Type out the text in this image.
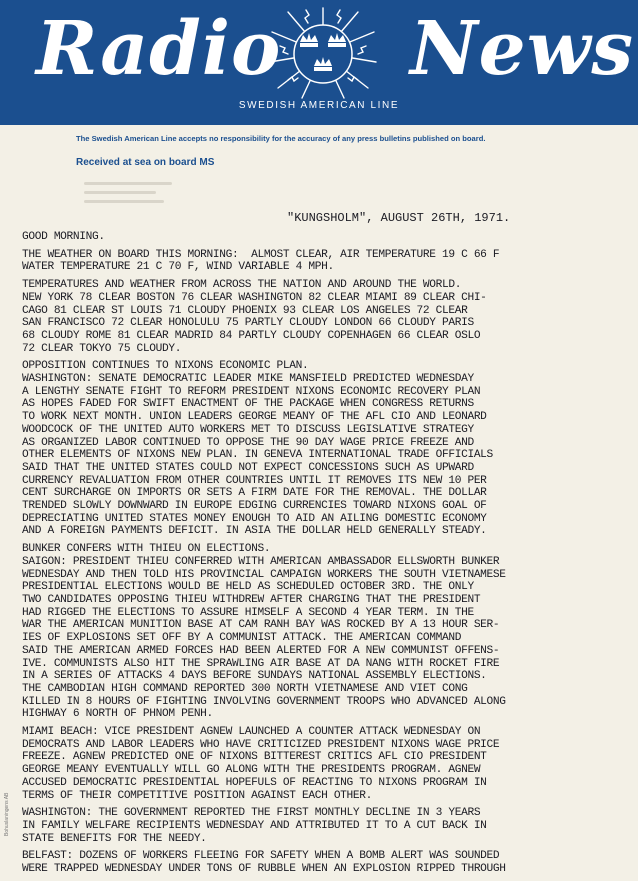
Radio News
SWEDISH AMERICAN LINE
The Swedish American Line accepts no responsibility for the accuracy of any press bulletins published on board.
Received at sea on board MS
"KUNGSHOLM", AUGUST 26TH, 1971.
GOOD MORNING.
THE WEATHER ON BOARD THIS MORNING:  ALMOST CLEAR, AIR TEMPERATURE 19 C 66 F
WATER TEMPERATURE 21 C 70 F, WIND VARIABLE 4 MPH.
TEMPERATURES AND WEATHER FROM ACROSS THE NATION AND AROUND THE WORLD.
NEW YORK 78 CLEAR BOSTON 76 CLEAR WASHINGTON 82 CLEAR MIAMI 89 CLEAR CHI-
CAGO 81 CLEAR ST LOUIS 71 CLOUDY PHOENIX 93 CLEAR LOS ANGELES 72 CLEAR
SAN FRANCISCO 72 CLEAR HONOLULU 75 PARTLY CLOUDY LONDON 66 CLOUDY PARIS
68 CLOUDY ROME 81 CLEAR MADRID 84 PARTLY CLOUDY COPENHAGEN 66 CLEAR OSLO
72 CLEAR TOKYO 75 CLOUDY.
OPPOSITION CONTINUES TO NIXONS ECONOMIC PLAN.
WASHINGTON: SENATE DEMOCRATIC LEADER MIKE MANSFIELD PREDICTED WEDNESDAY
A LENGTHY SENATE FIGHT TO REFORM PRESIDENT NIXONS ECONOMIC RECOVERY PLAN
AS HOPES FADED FOR SWIFT ENACTMENT OF THE PACKAGE WHEN CONGRESS RETURNS
TO WORK NEXT MONTH. UNION LEADERS GEORGE MEANY OF THE AFL CIO AND LEONARD
WOODCOCK OF THE UNITED AUTO WORKERS MET TO DISCUSS LEGISLATIVE STRATEGY
AS ORGANIZED LABOR CONTINUED TO OPPOSE THE 90 DAY WAGE PRICE FREEZE AND
OTHER ELEMENTS OF NIXONS NEW PLAN. IN GENEVA INTERNATIONAL TRADE OFFICIALS
SAID THAT THE UNITED STATES COULD NOT EXPECT CONCESSIONS SUCH AS UPWARD
CURRENCY REVALUATION FROM OTHER COUNTRIES UNTIL IT REMOVES ITS NEW 10 PER
CENT SURCHARGE ON IMPORTS OR SETS A FIRM DATE FOR THE REMOVAL. THE DOLLAR
TRENDED SLOWLY DOWNWARD IN EUROPE EDGING CURRENCIES TOWARD NIXONS GOAL OF
DEPRECIATING UNITED STATES MONEY ENOUGH TO AID AN AILING DOMESTIC ECONOMY
AND A FOREIGN PAYMENTS DEFICIT. IN ASIA THE DOLLAR HELD GENERALLY STEADY.
BUNKER CONFERS WITH THIEU ON ELECTIONS.
SAIGON: PRESIDENT THIEU CONFERRED WITH AMERICAN AMBASSADOR ELLSWORTH BUNKER
WEDNESDAY AND THEN TOLD HIS PROVINCIAL CAMPAIGN WORKERS THE SOUTH VIETNAMESE
PRESIDENTIAL ELECTIONS WOULD BE HELD AS SCHEDULED OCTOBER 3RD. THE ONLY
TWO CANDIDATES OPPOSING THIEU WITHDREW AFTER CHARGING THAT THE PRESIDENT
HAD RIGGED THE ELECTIONS TO ASSURE HIMSELF A SECOND 4 YEAR TERM. IN THE
WAR THE AMERICAN MUNITION BASE AT CAM RANH BAY WAS ROCKED BY A 13 HOUR SER-
IES OF EXPLOSIONS SET OFF BY A COMMUNIST ATTACK. THE AMERICAN COMMAND
SAID THE AMERICAN ARMED FORCES HAD BEEN ALERTED FOR A NEW COMMUNIST OFFENS-
IVE. COMMUNISTS ALSO HIT THE SPRAWLING AIR BASE AT DA NANG WITH ROCKET FIRE
IN A SERIES OF ATTACKS 4 DAYS BEFORE SUNDAYS NATIONAL ASSEMBLY ELECTIONS.
THE CAMBODIAN HIGH COMMAND REPORTED 300 NORTH VIETNAMESE AND VIET CONG
KILLED IN 8 HOURS OF FIGHTING INVOLVING GOVERNMENT TROOPS WHO ADVANCED ALONG
HIGHWAY 6 NORTH OF PHNOM PENH.
MIAMI BEACH: VICE PRESIDENT AGNEW LAUNCHED A COUNTER ATTACK WEDNESDAY ON
DEMOCRATS AND LABOR LEADERS WHO HAVE CRITICIZED PRESIDENT NIXONS WAGE PRICE
FREEZE. AGNEW PREDICTED ONE OF NIXONS BITTEREST CRITICS AFL CIO PRESIDENT
GEORGE MEANY EVENTUALLY WILL GO ALONG WITH THE PRESIDENTS PROGRAM. AGNEW
ACCUSED DEMOCRATIC PRESIDENTIAL HOPEFULS OF REACTING TO NIXONS PROGRAM IN
TERMS OF THEIR COMPETITIVE POSITION AGAINST EACH OTHER.
WASHINGTON: THE GOVERNMENT REPORTED THE FIRST MONTHLY DECLINE IN 3 YEARS
IN FAMILY WELFARE RECIPIENTS WEDNESDAY AND ATTRIBUTED IT TO A CUT BACK IN
STATE BENEFITS FOR THE NEEDY.
BELFAST: DOZENS OF WORKERS FLEEING FOR SAFETY WHEN A BOMB ALERT WAS SOUNDED
WERE TRAPPED WEDNESDAY UNDER TONS OF RUBBLE WHEN AN EXPLOSION RIPPED THROUGH
Bohuslaningens AB
